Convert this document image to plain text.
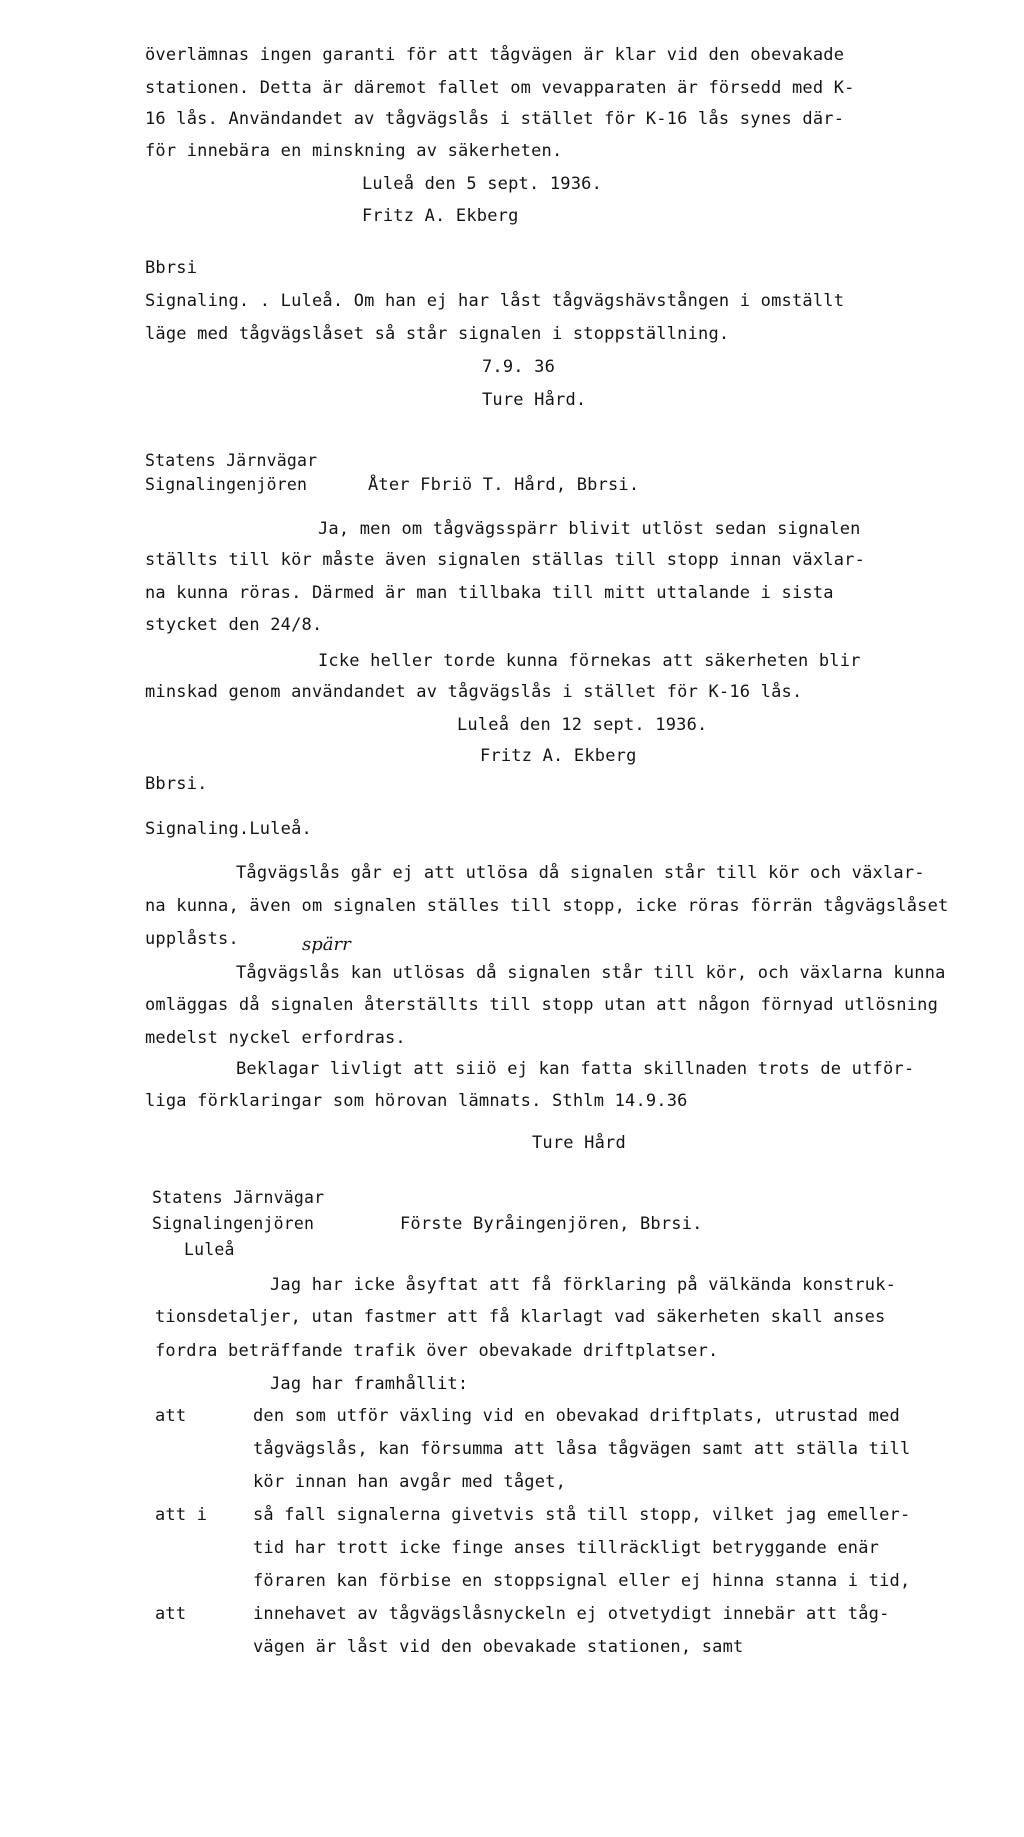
överlämnas ingen garanti för att tågvägen är klar vid den obevakade
stationen. Detta är däremot fallet om vevapparaten är försedd med K-
16 lås. Användandet av tågvägslås i stället för K-16 lås synes där-
för innebära en minskning av säkerheten.
Luleå den 5 sept. 1936.
Fritz A. Ekberg
Bbrsi
Signaling. . Luleå. Om han ej har låst tågvägshävstången i omställt
läge med tågvägslåset så står signalen i stoppställning.
7.9. 36
Ture Hård.
Statens Järnvägar
Signalingenjören	Åter Fbriö T. Hård, Bbrsi.
Ja, men om tågvägsspärr blivit utlöst sedan signalen
ställts till kör måste även signalen ställas till stopp innan växlar-
na kunna röras. Därmed är man tillbaka till mitt uttalande i sista
stycket den 24/8.
Icke heller torde kunna förnekas att säkerheten blir
minskad genom användandet av tågvägslås i stället för K-16 lås.
Luleå den 12 sept. 1936.
Fritz A. Ekberg
Bbrsi.
Signaling.Luleå.
Tågvägslås går ej att utlösa då signalen står till kör och växlar-
na kunna, även om signalen ställes till stopp, icke röras förrän tågvägslåset
upplåsts.	spärr
Tågvägslås kan utlösas då signalen står till kör, och växlarna kunna
omläggas då signalen återställts till stopp utan att någon förnyad utlösning
medelst nyckel erfordras.
Beklagar livligt att siiö ej kan fatta skillnaden trots de utför-
liga förklaringar som hörovan lämnats. Sthlm 14.9.36
Ture Hård
Statens Järnvägar
Signalingenjören
Luleå
Förste Byråingenjören, Bbrsi.
Jag har icke åsyftat att få förklaring på välkända konstruk-
tionsdetaljer, utan fastmer att få klarlagt vad säkerheten skall anses
fordra beträffande trafik över obevakade driftplatser.
Jag har framhållit:
att	den som utför växling vid en obevakad driftplats, utrustad med
tågvägslås, kan försumma att låsa tågvägen samt att ställa till
kör innan han avgår med tåget,
att i	så fall signalerna givetvis stå till stopp, vilket jag emeller-
tid har trott icke finge anses tillräckligt betryggande enär
föraren kan förbise en stoppsignal eller ej hinna stanna i tid,
att	innehavet av tågvägslåsnyckeln ej otvetydigt innebär att tåg-
vägen är låst vid den obevakade stationen, samt
